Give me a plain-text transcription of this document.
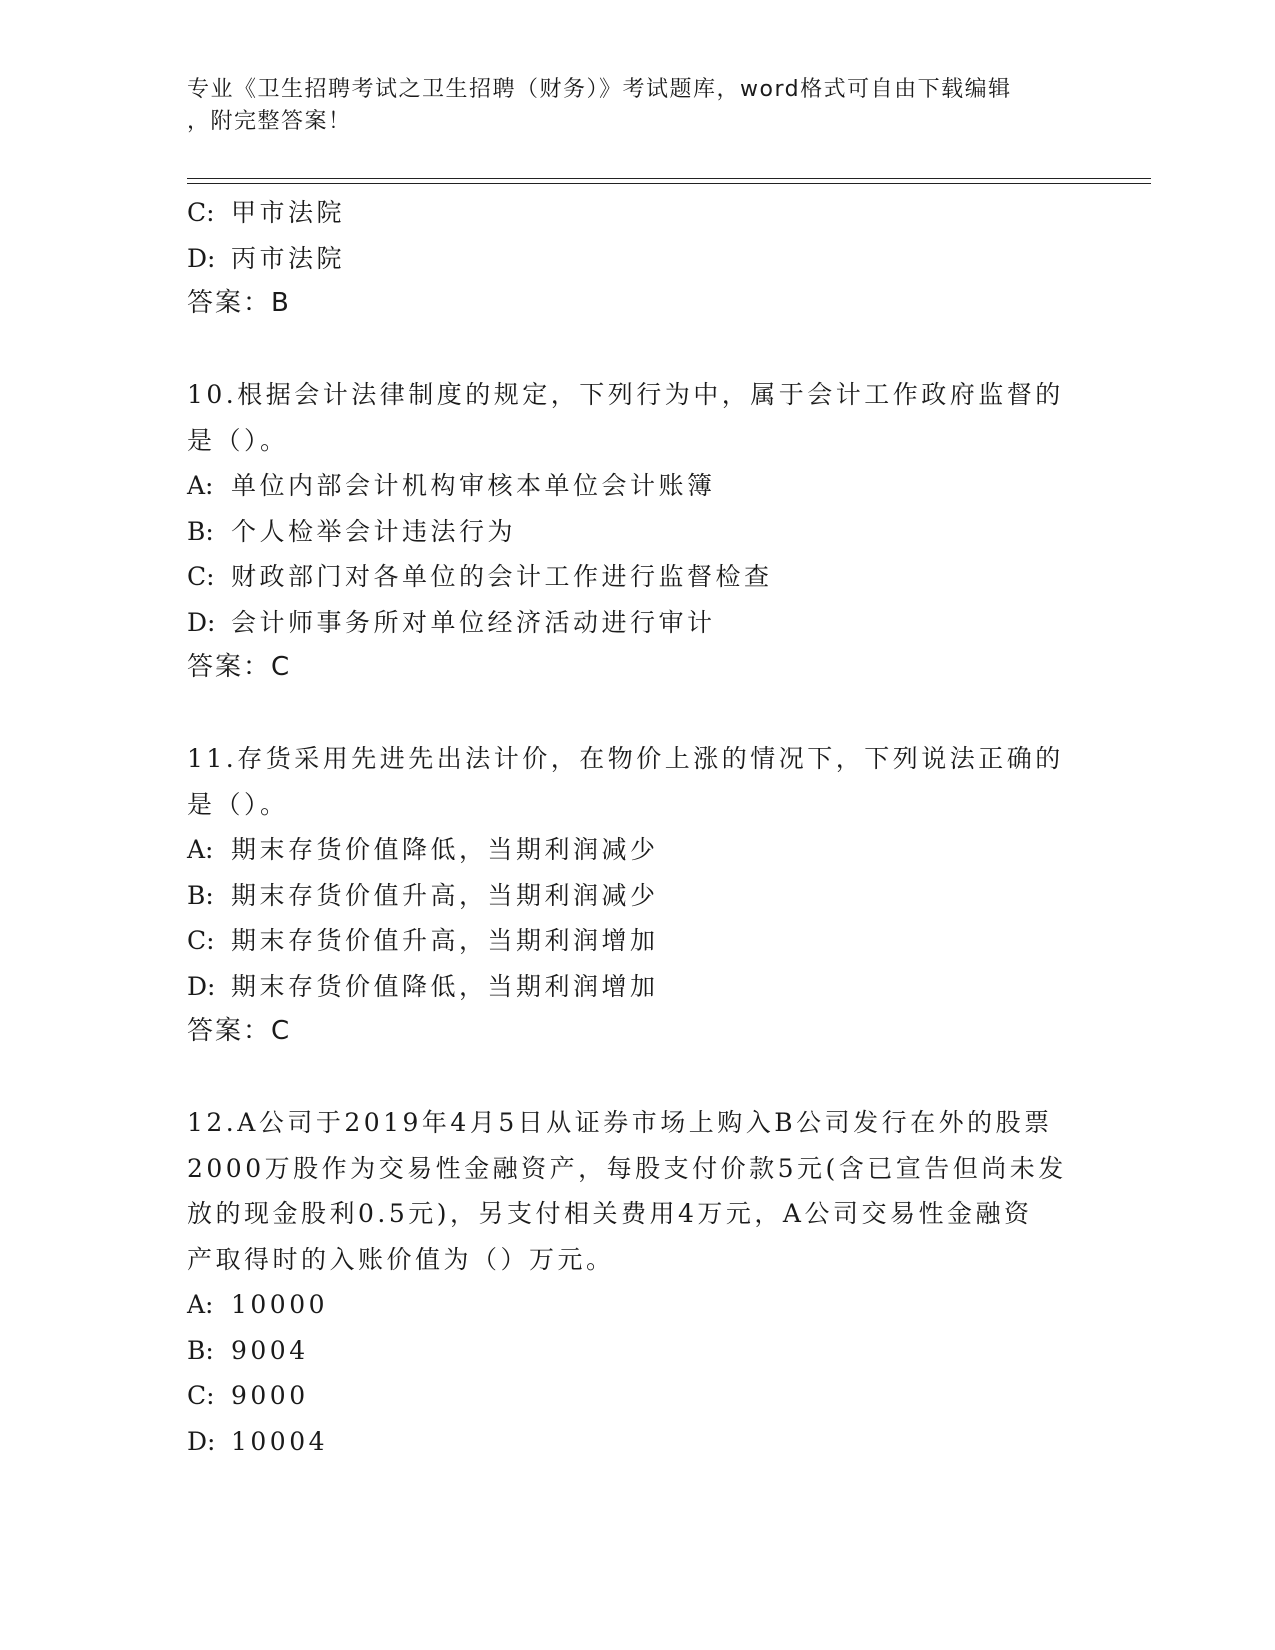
专业《卫生招聘考试之卫生招聘（财务）》考试题库，word格式可自由下载编辑
，附完整答案！
C: 甲市法院
D: 丙市法院
答案：B
10.根据会计法律制度的规定，下列行为中，属于会计工作政府监督的
是（）。
A: 单位内部会计机构审核本单位会计账簿
B: 个人检举会计违法行为
C: 财政部门对各单位的会计工作进行监督检查
D: 会计师事务所对单位经济活动进行审计
答案：C
11.存货采用先进先出法计价，在物价上涨的情况下，下列说法正确的
是（）。
A: 期末存货价值降低，当期利润减少
B: 期末存货价值升高，当期利润减少
C: 期末存货价值升高，当期利润增加
D: 期末存货价值降低，当期利润增加
答案：C
12.A公司于2019年4月5日从证券市场上购入B公司发行在外的股票
2000万股作为交易性金融资产，每股支付价款5元(含已宣告但尚未发
放的现金股利0.5元)，另支付相关费用4万元，A公司交易性金融资
产取得时的入账价值为（）万元。
A: 10000
B: 9004
C: 9000
D: 10004
